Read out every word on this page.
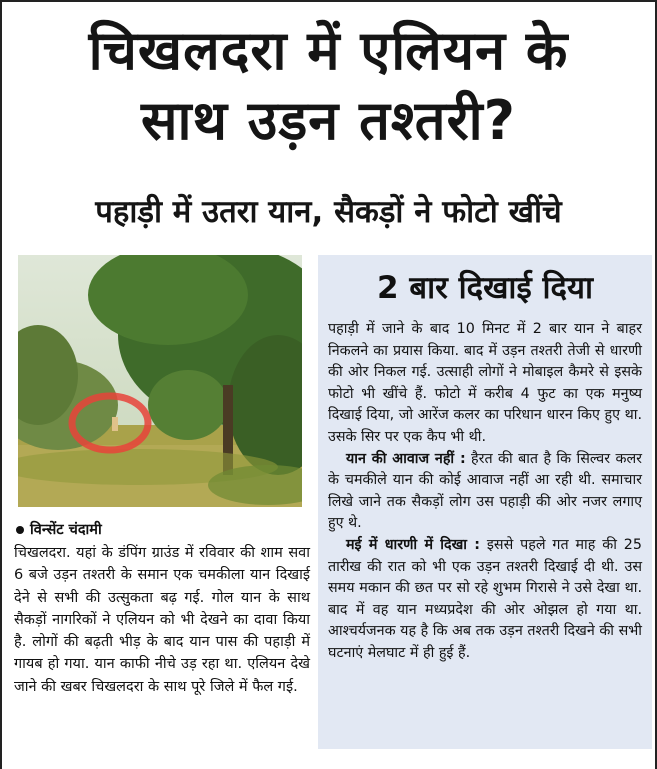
चिखलदरा में एलियन के
साथ उड़न तश्तरी?
पहाड़ी में उतरा यान, सैकड़ों ने फोटो खींचे
विन्सेंट चंदामी

चिखलदरा. यहां के डंपिंग ग्राउंड में रविवार की शाम सवा 6 बजे उड़न तश्तरी के समान एक चमकीला यान दिखाई देने से सभी की उत्सुकता बढ़ गई. गोल यान के साथ सैकड़ों नागरिकों ने एलियन को भी देखने का दावा किया है. लोगों की बढ़ती भीड़ के बाद यान पास की पहाड़ी में गायब हो गया. यान काफी नीचे उड़ रहा था. एलियन देखे जाने की खबर चिखलदरा के साथ पूरे जिले में फैल गई.

2 बार दिखाई दिया

पहाड़ी में जाने के बाद 10 मिनट में 2 बार यान ने बाहर निकलने का प्रयास किया. बाद में उड़न तश्तरी तेजी से धारणी की ओर निकल गई. उत्साही लोगों ने मोबाइल कैमरे से इसके फोटो भी खींचे हैं. फोटो में करीब 4 फुट का एक मनुष्य दिखाई दिया, जो आरेंज कलर का परिधान धारन किए हुए था. उसके सिर पर एक कैप भी थी.

यान की आवाज नहीं : हैरत की बात है कि सिल्वर कलर के चमकीले यान की कोई आवाज नहीं आ रही थी. समाचार लिखे जाने तक सैकड़ों लोग उस पहाड़ी की ओर नजर लगाए हुए थे.

मई में धारणी में दिखा : इससे पहले गत माह की 25 तारीख की रात को भी एक उड़न तश्तरी दिखाई दी थी. उस समय मकान की छत पर सो रहे शुभम गिरासे ने उसे देखा था. बाद में वह यान मध्यप्रदेश की ओर ओझल हो गया था. आश्चर्यजनक यह है कि अब तक उड़न तश्तरी दिखने की सभी घटनाएं मेलघाट में ही हुई हैं.
